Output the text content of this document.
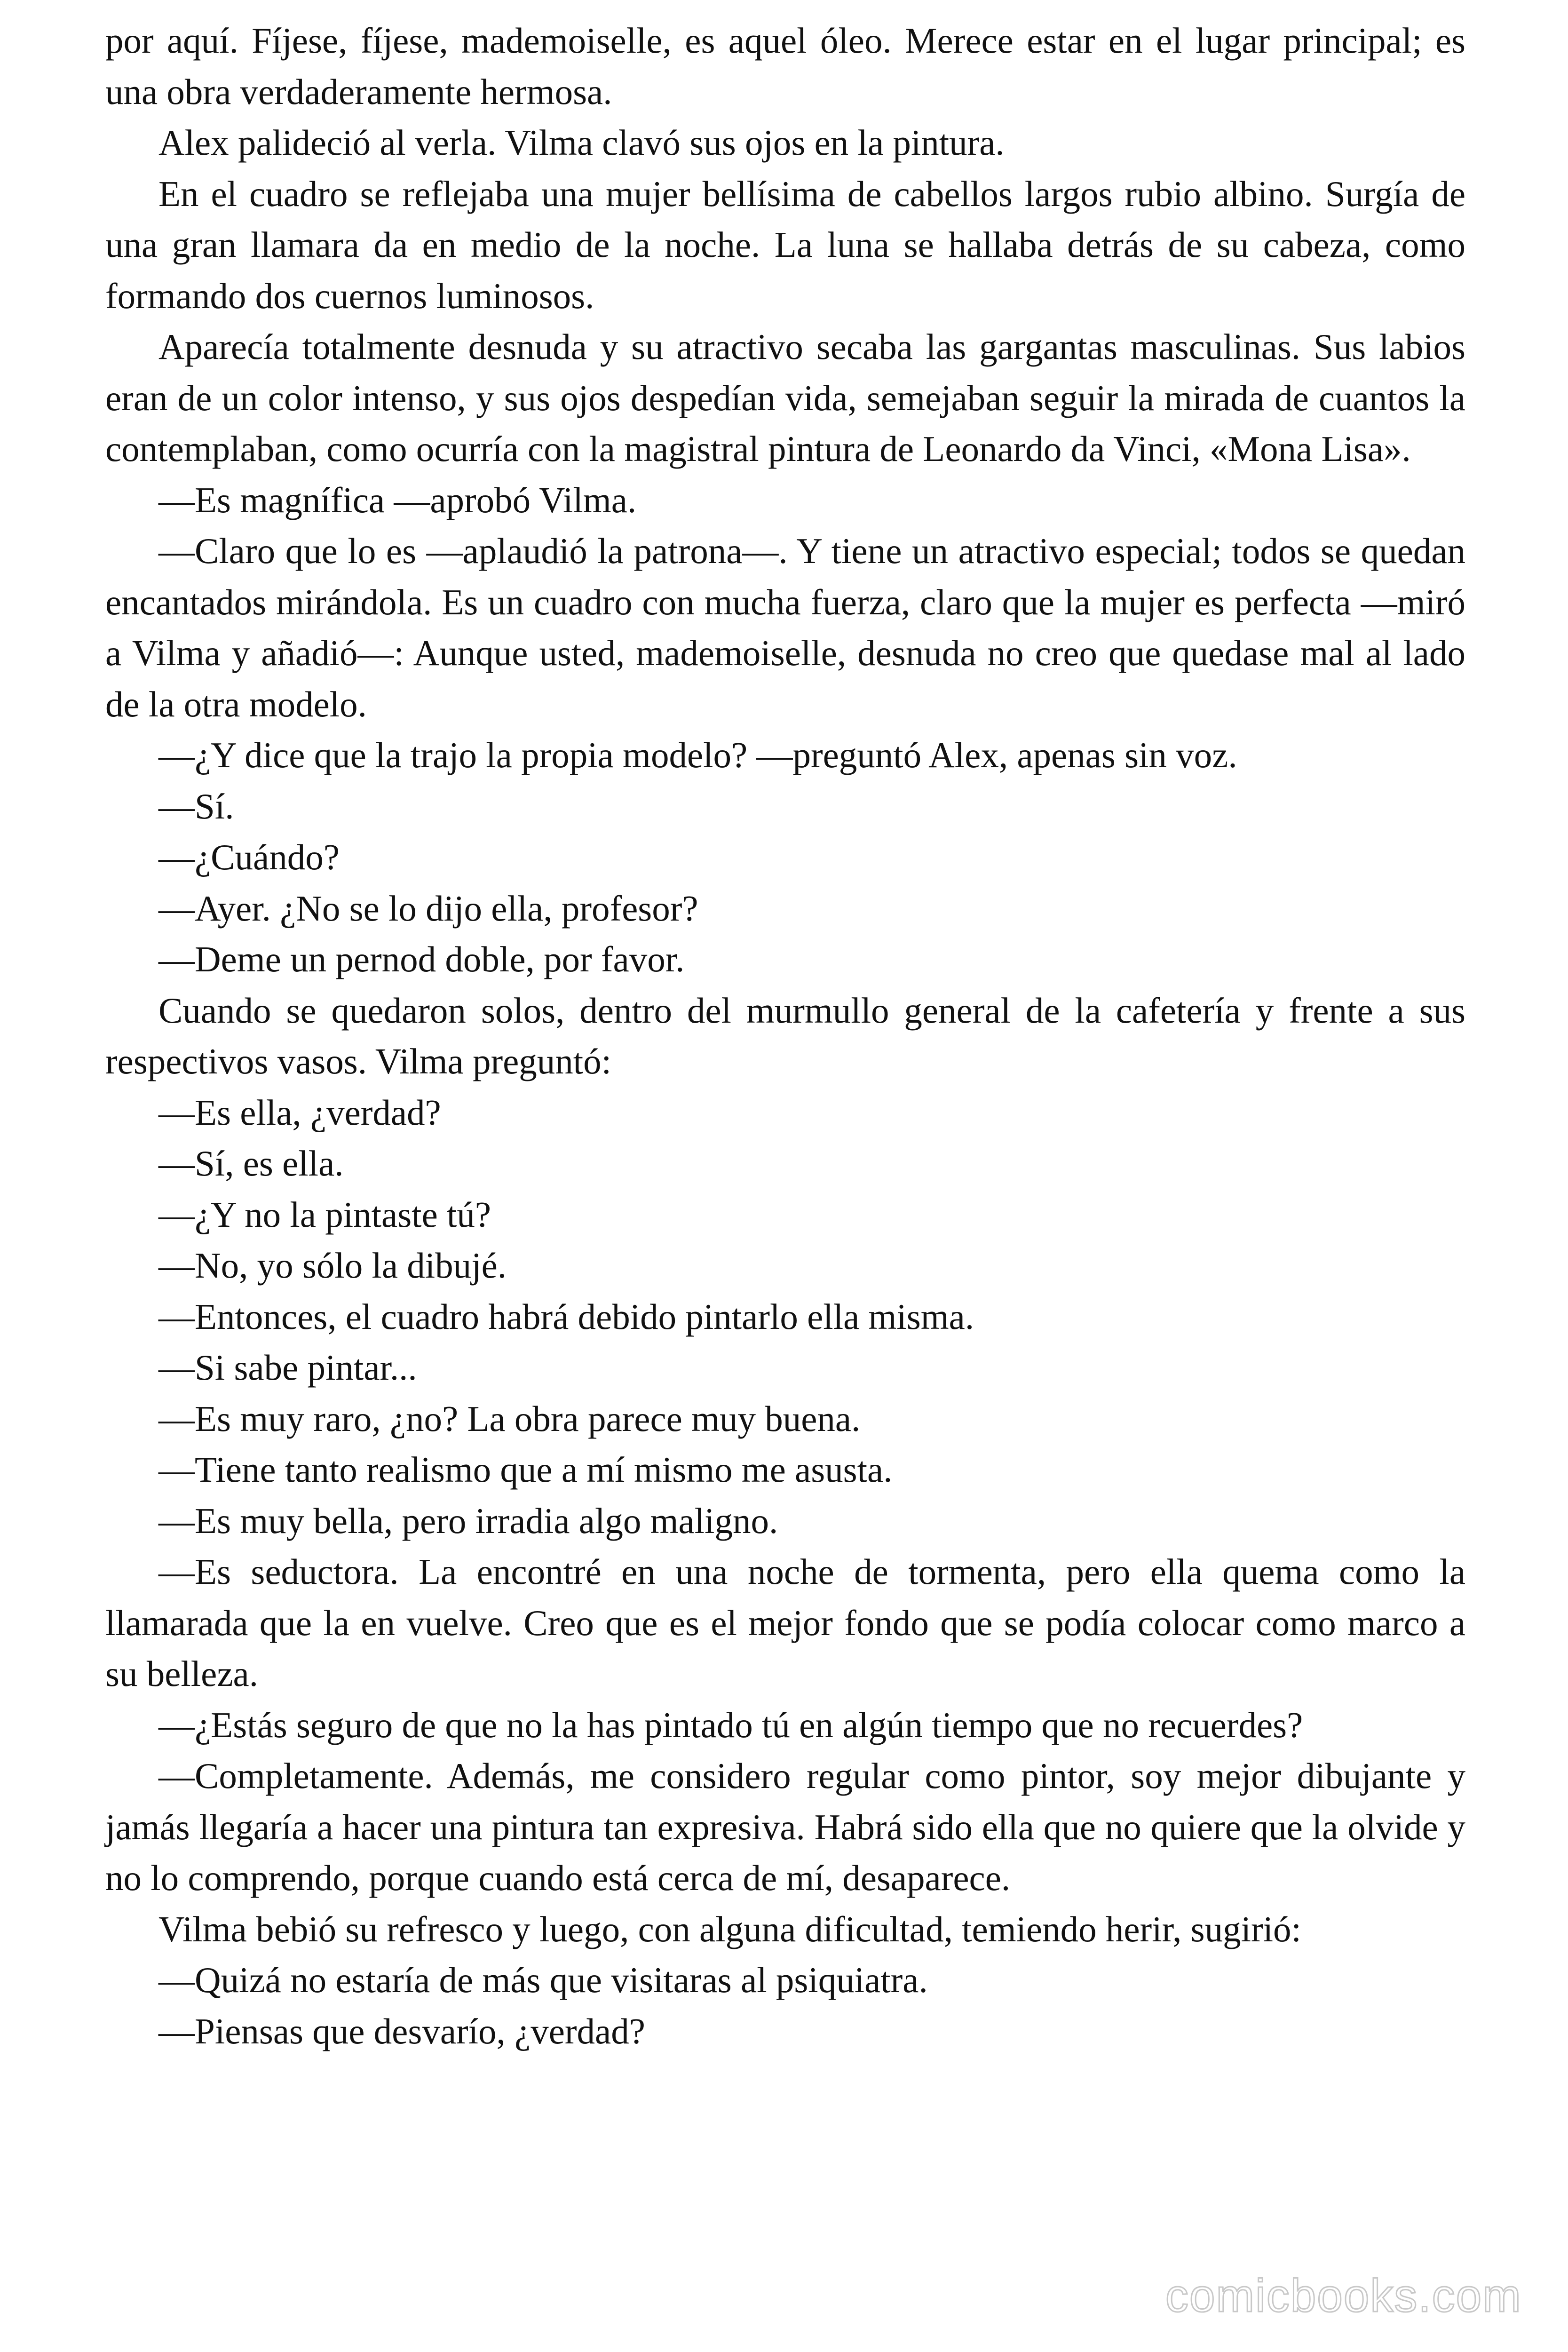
por aquí. Fíjese, fíjese, mademoiselle, es aquel óleo. Merece estar en el lugar principal; es una obra verdaderamente hermosa.

Alex palideció al verla. Vilma clavó sus ojos en la pintura.

En el cuadro se reflejaba una mujer bellísima de cabellos largos rubio albino. Surgía de una gran llamara da en medio de la noche. La luna se hallaba detrás de su cabeza, como formando dos cuernos luminosos.

Aparecía totalmente desnuda y su atractivo secaba las gargantas masculinas. Sus labios eran de un color intenso, y sus ojos despedían vida, semejaban seguir la mirada de cuantos la contemplaban, como ocurría con la magistral pintura de Leonardo da Vinci, «Mona Lisa».

—Es magnífica —aprobó Vilma.

—Claro que lo es —aplaudió la patrona—. Y tiene un atractivo especial; todos se quedan encantados mirándola. Es un cuadro con mucha fuerza, claro que la mujer es perfecta —miró a Vilma y añadió—: Aunque usted, mademoiselle, desnuda no creo que quedase mal al lado de la otra modelo.

—¿Y dice que la trajo la propia modelo? —preguntó Alex, apenas sin voz.

—Sí.

—¿Cuándo?

—Ayer. ¿No se lo dijo ella, profesor?

—Deme un pernod doble, por favor.

Cuando se quedaron solos, dentro del murmullo general de la cafetería y frente a sus respectivos vasos. Vilma preguntó:

—Es ella, ¿verdad?

—Sí, es ella.

—¿Y no la pintaste tú?

—No, yo sólo la dibujé.

—Entonces, el cuadro habrá debido pintarlo ella misma.

—Si sabe pintar...

—Es muy raro, ¿no? La obra parece muy buena.

—Tiene tanto realismo que a mí mismo me asusta.

—Es muy bella, pero irradia algo maligno.

—Es seductora. La encontré en una noche de tormenta, pero ella quema como la llamarada que la en vuelve. Creo que es el mejor fondo que se podía colocar como marco a su belleza.

—¿Estás seguro de que no la has pintado tú en algún tiempo que no recuerdes?

—Completamente. Además, me considero regular como pintor, soy mejor dibujante y jamás llegaría a hacer una pintura tan expresiva. Habrá sido ella que no quiere que la olvide y no lo comprendo, porque cuando está cerca de mí, desaparece.

Vilma bebió su refresco y luego, con alguna dificultad, temiendo herir, sugirió:

—Quizá no estaría de más que visitaras al psiquiatra.

—Piensas que desvarío, ¿verdad?

comicbooks.com
